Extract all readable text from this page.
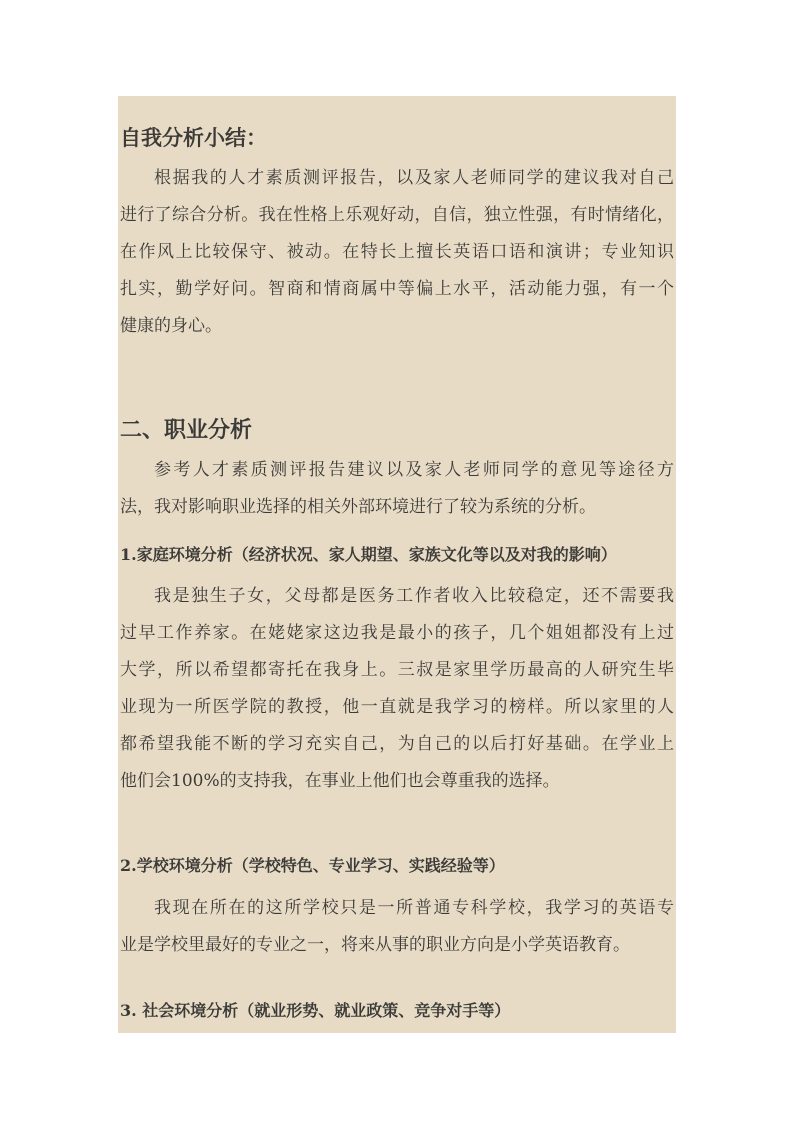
自我分析小结：
根据我的人才素质测评报告，以及家人老师同学的建议我对自己
进行了综合分析。我在性格上乐观好动，自信，独立性强，有时情绪化，
在作风上比较保守、被动。在特长上擅长英语口语和演讲；专业知识
扎实，勤学好问。智商和情商属中等偏上水平，活动能力强，有一个
健康的身心。
二、职业分析
参考人才素质测评报告建议以及家人老师同学的意见等途径方
法，我对影响职业选择的相关外部环境进行了较为系统的分析。
1.家庭环境分析（经济状况、家人期望、家族文化等以及对我的影响）
我是独生子女，父母都是医务工作者收入比较稳定，还不需要我
过早工作养家。在姥姥家这边我是最小的孩子，几个姐姐都没有上过
大学，所以希望都寄托在我身上。三叔是家里学历最高的人研究生毕
业现为一所医学院的教授，他一直就是我学习的榜样。所以家里的人
都希望我能不断的学习充实自己，为自己的以后打好基础。在学业上
他们会100%的支持我，在事业上他们也会尊重我的选择。
2.学校环境分析（学校特色、专业学习、实践经验等）
我现在所在的这所学校只是一所普通专科学校，我学习的英语专
业是学校里最好的专业之一，将来从事的职业方向是小学英语教育。
3. 社会环境分析（就业形势、就业政策、竞争对手等）
